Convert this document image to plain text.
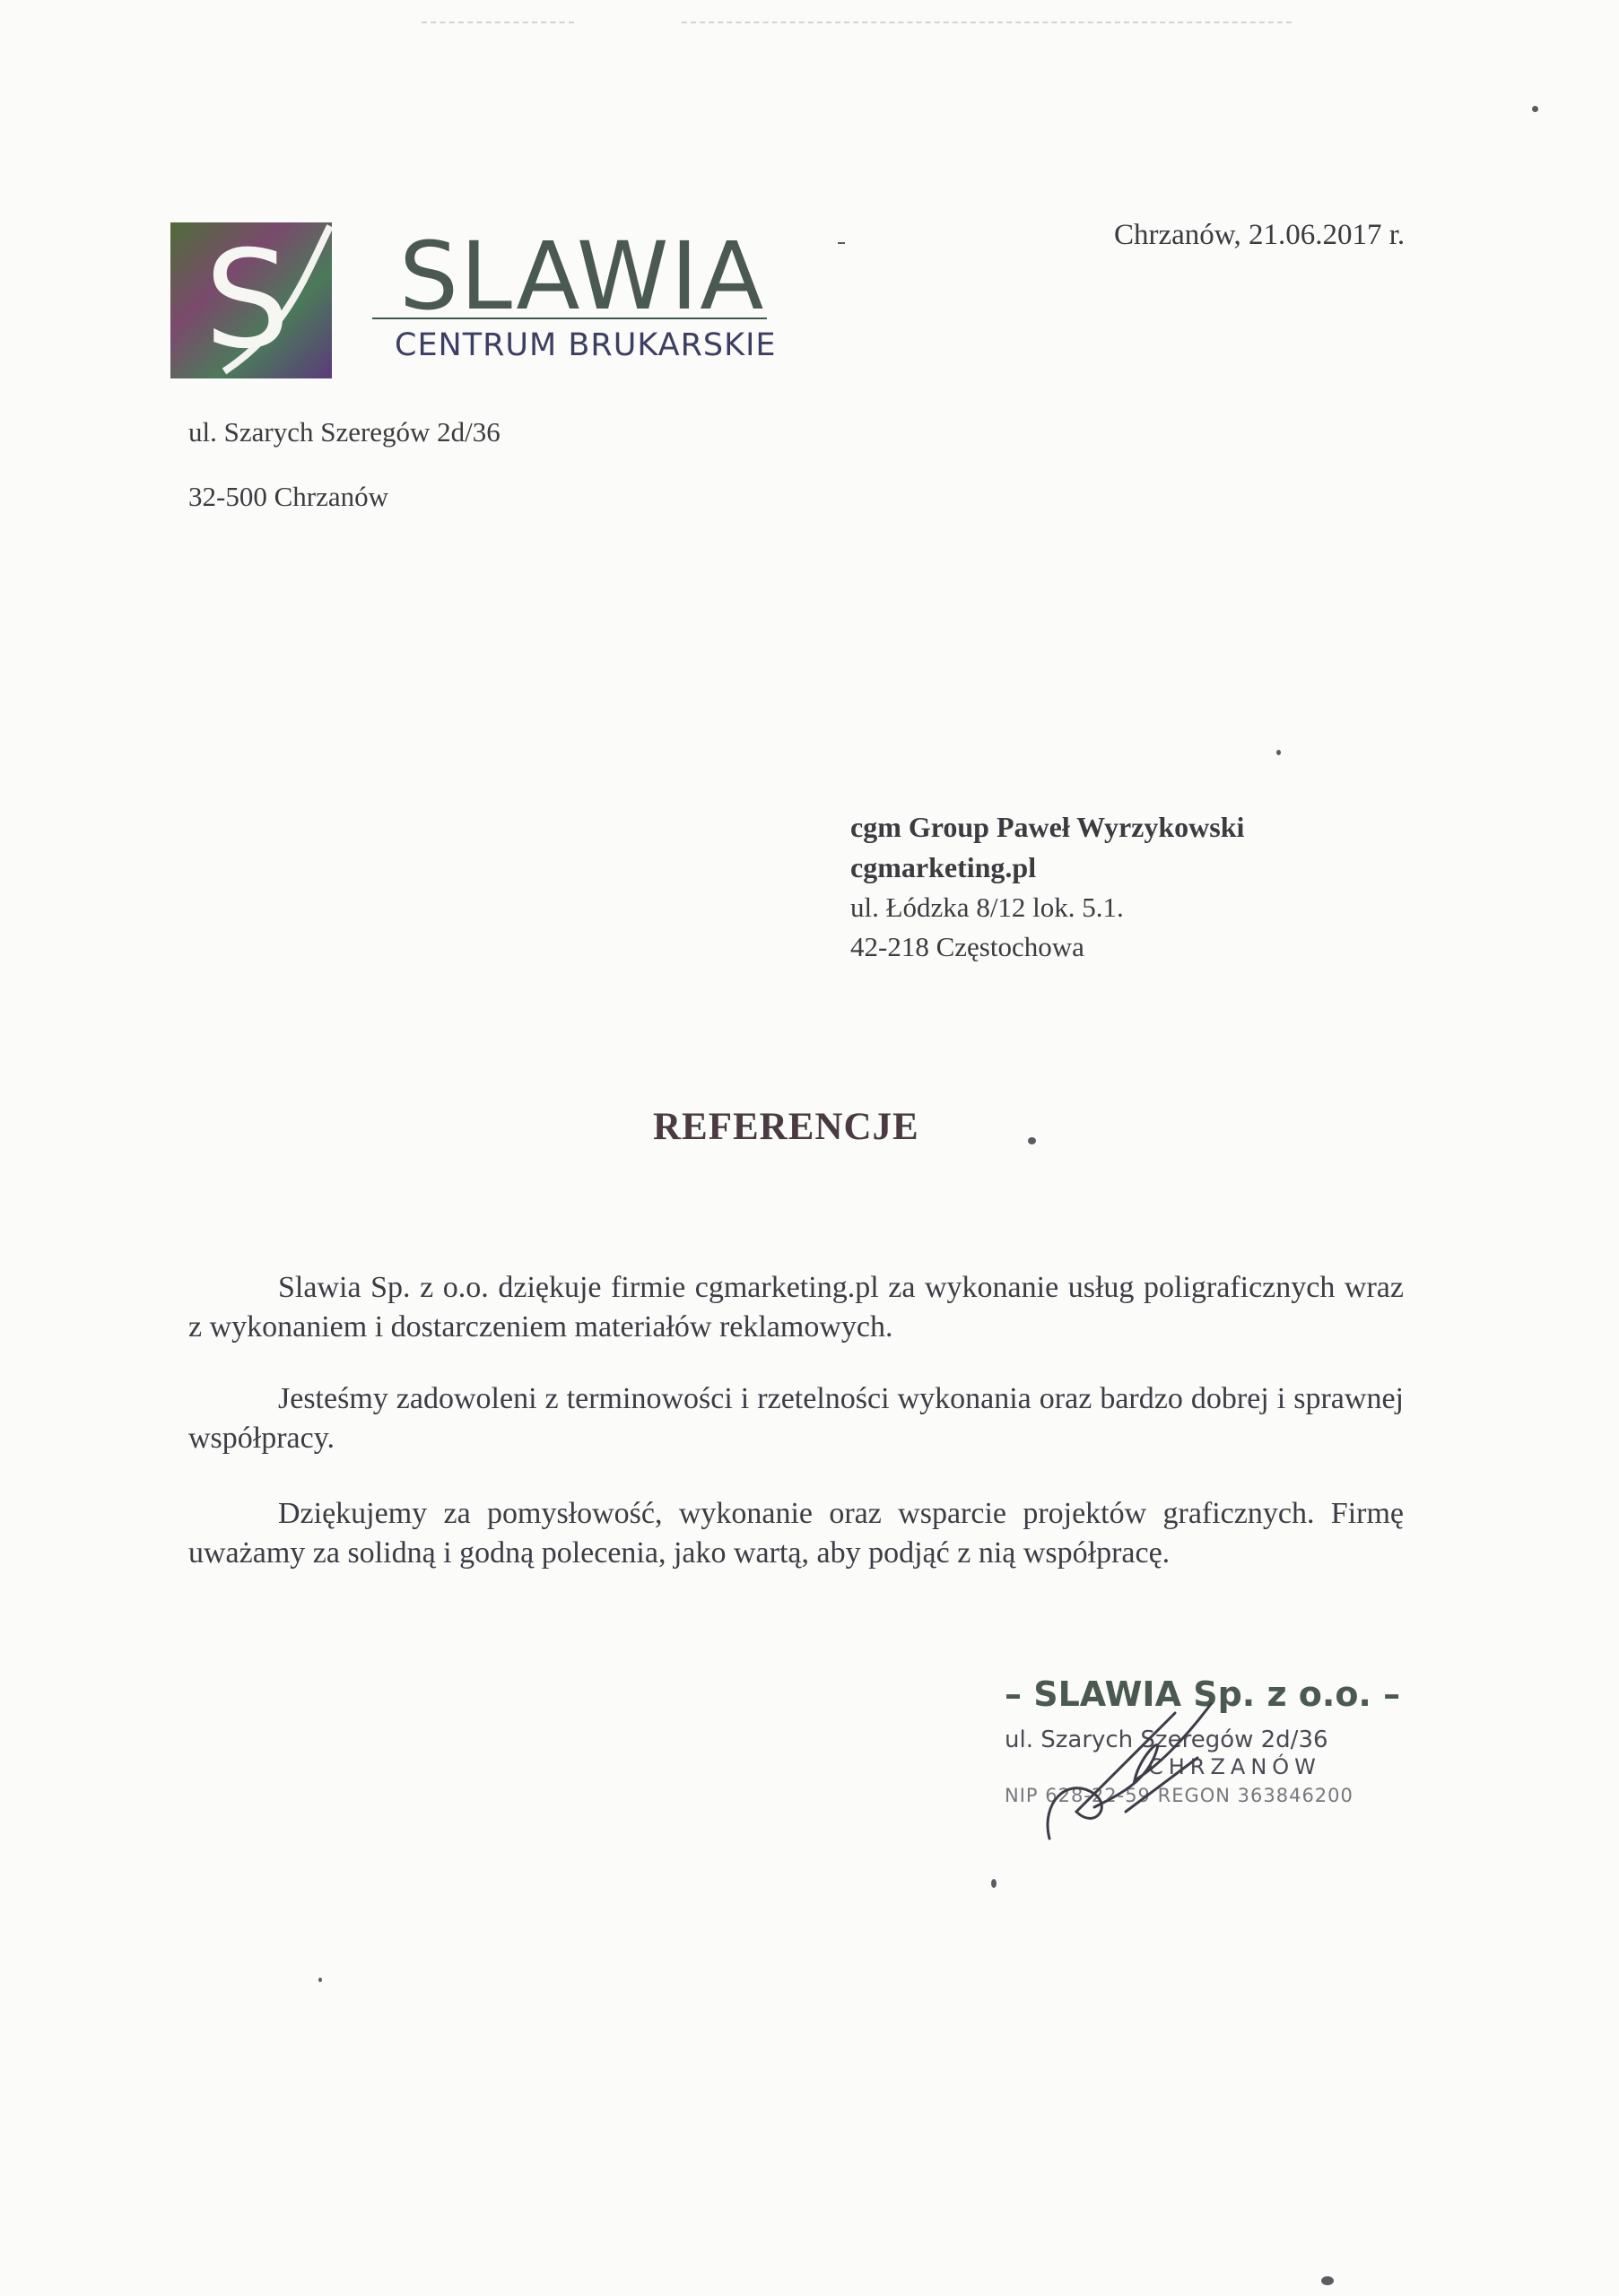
S SLAWIA
CENTRUM BRUKARSKIE
Chrzanów, 21.06.2017 r.
ul. Szarych Szeregów 2d/36
32-500 Chrzanów
cgm Group Paweł Wyrzykowski
cgmarketing.pl
ul. Łódzka 8/12 lok. 5.1.
42-218 Częstochowa
REFERENCJE
Slawia Sp. z o.o. dziękuje firmie cgmarketing.pl za wykonanie usług poligraficznych wraz z wykonaniem i dostarczeniem materiałów reklamowych.
Jesteśmy zadowoleni z terminowości i rzetelności wykonania oraz bardzo dobrej i sprawnej współpracy.
Dziękujemy za pomysłowość, wykonanie oraz wsparcie projektów graficznych. Firmę uważamy za solidną i godną polecenia, jako wartą, aby podjąć z nią współpracę.
– SLAWIA Sp. z o.o. –
ul. Szarych Szeregów 2d/36
CHRZANÓW
NIP 628-22-59 REGON 363846200
